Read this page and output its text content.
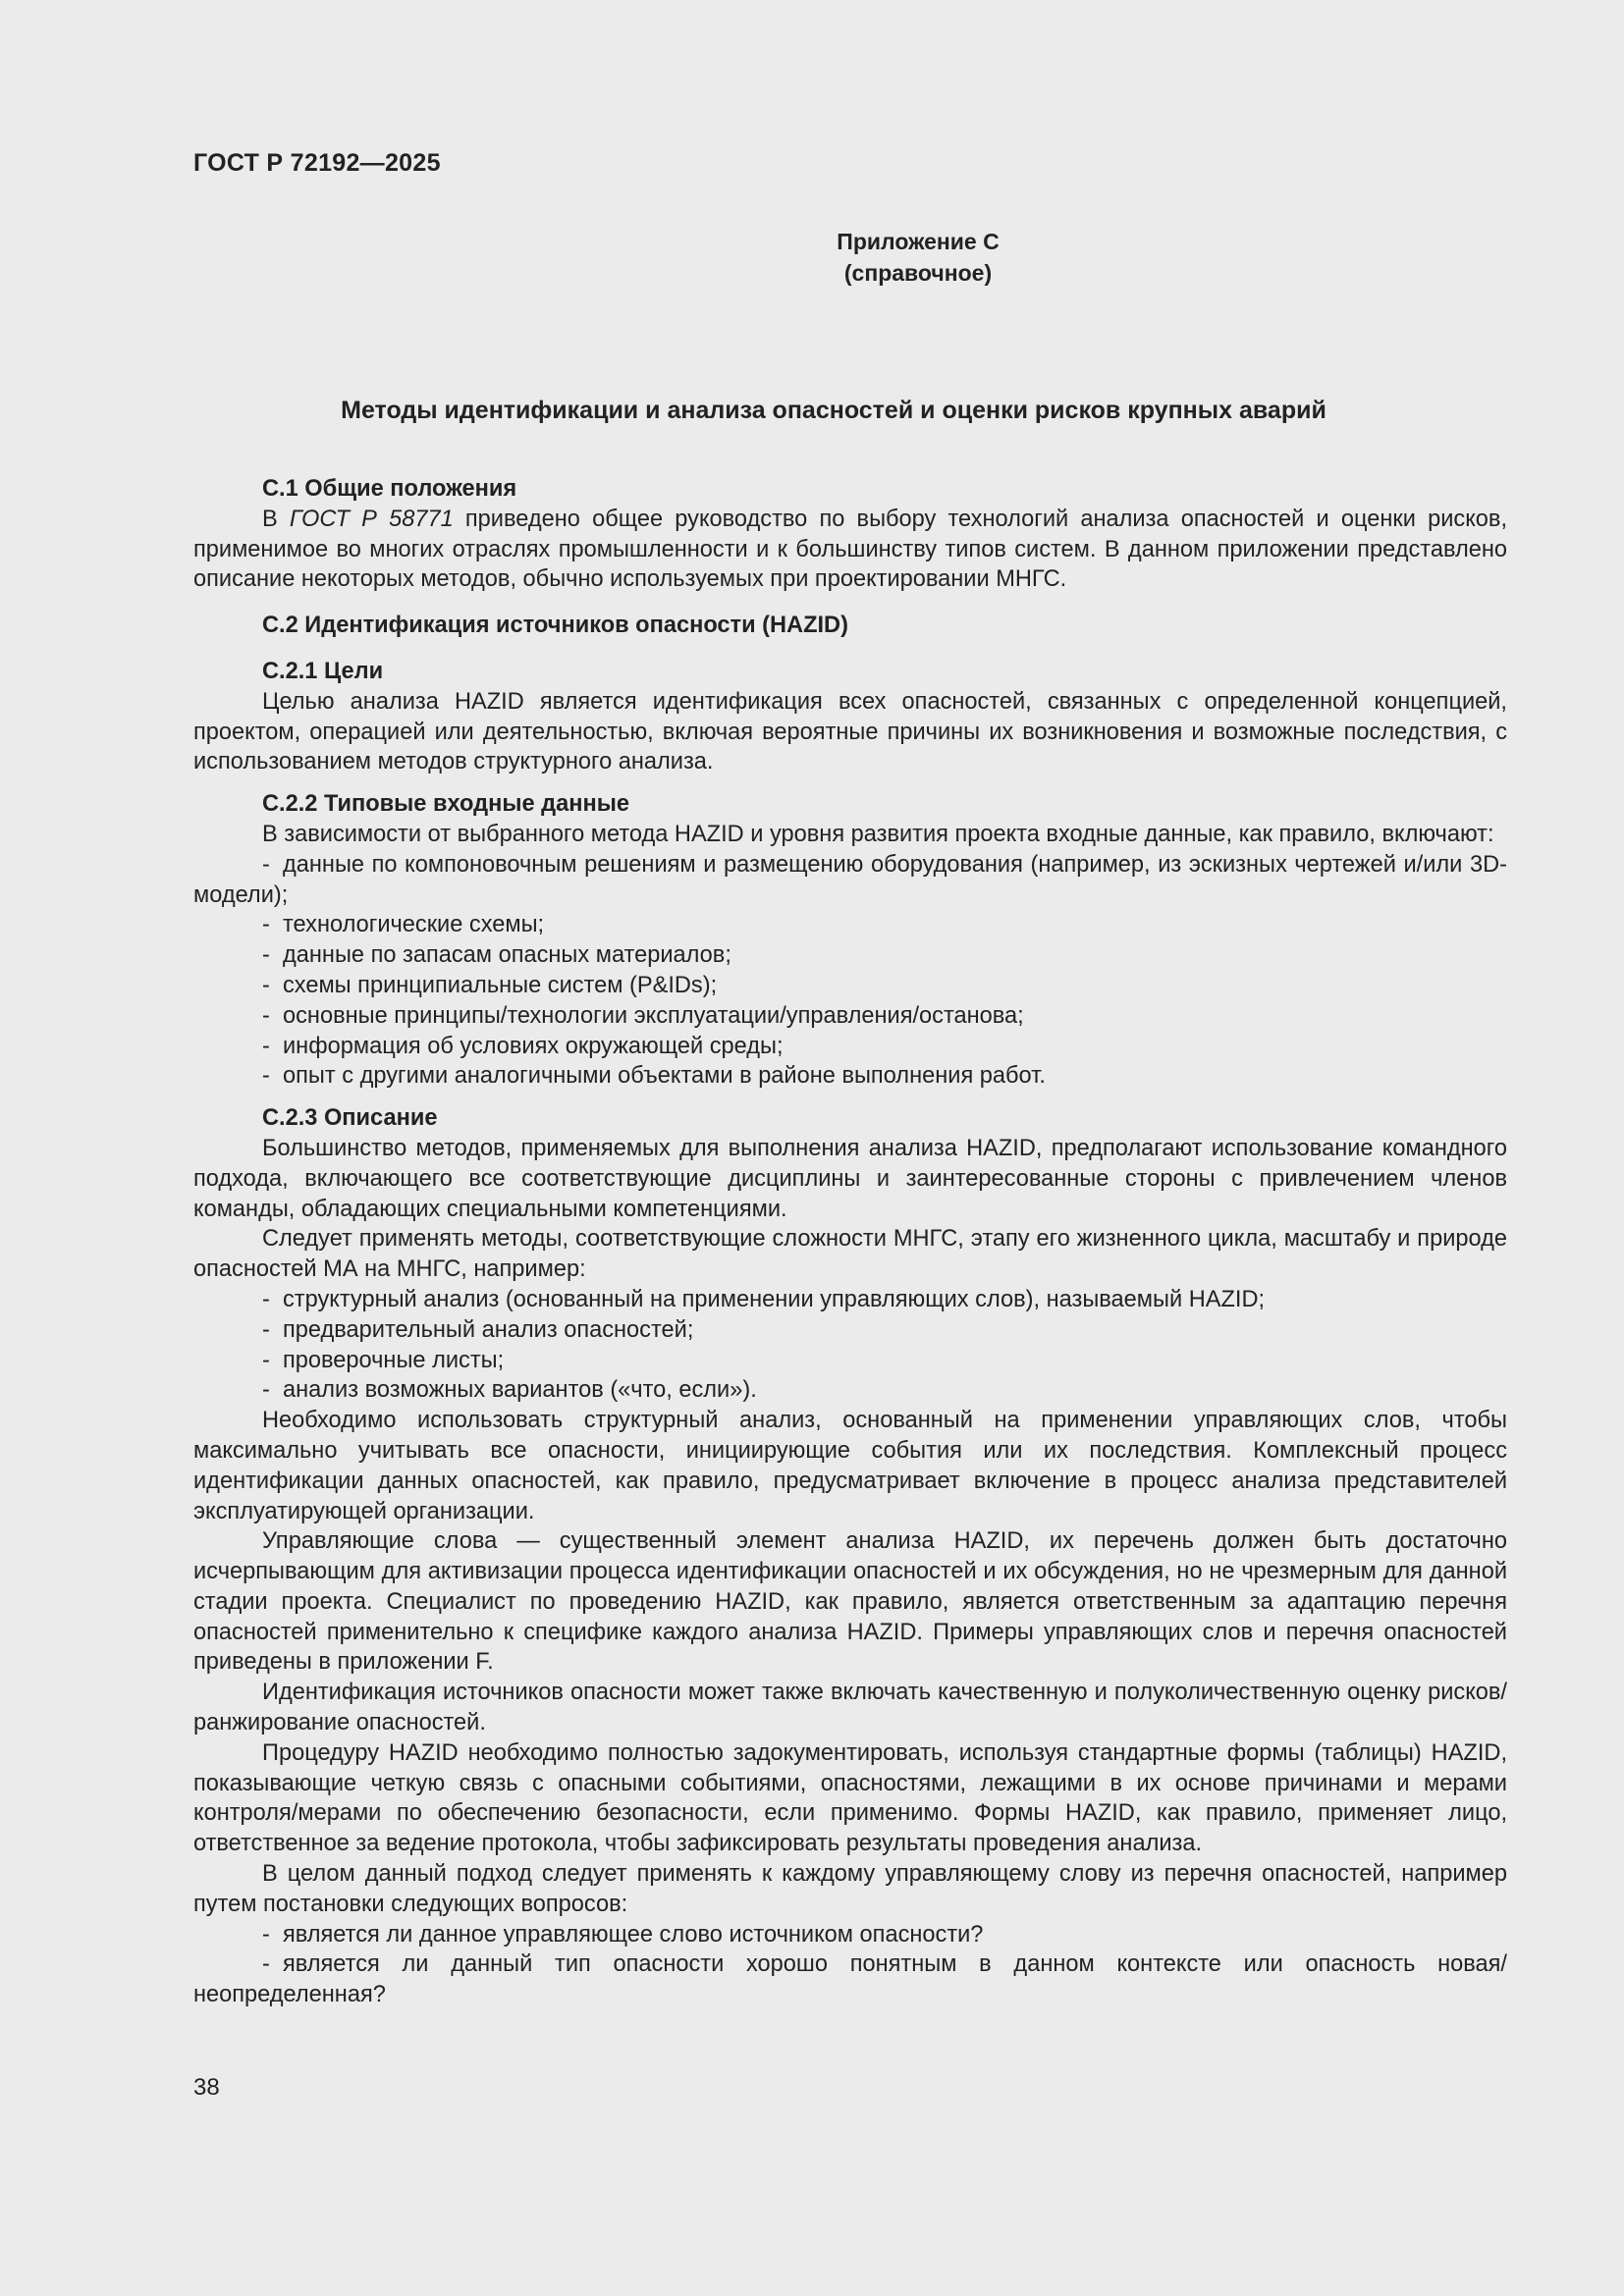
ГОСТ Р 72192—2025
Приложение С
(справочное)
Методы идентификации и анализа опасностей и оценки рисков крупных аварий

С.1 Общие положения

В ГОСТ Р 58771 приведено общее руководство по выбору технологий анализа опасностей и оценки рисков, применимое во многих отраслях промышленности и к большинству типов систем. В данном приложении представлено описание некоторых методов, обычно используемых при проектировании МНГС.

С.2 Идентификация источников опасности (HAZID)

С.2.1 Цели

Целью анализа HAZID является идентификация всех опасностей, связанных с определенной концепцией, проектом, операцией или деятельностью, включая вероятные причины их возникновения и возможные последствия, с использованием методов структурного анализа.

С.2.2 Типовые входные данные

В зависимости от выбранного метода HAZID и уровня развития проекта входные данные, как правило, включают:

- данные по компоновочным решениям и размещению оборудования (например, из эскизных чертежей и/или 3D-модели);

- технологические схемы;

- данные по запасам опасных материалов;

- схемы принципиальные систем (P&IDs);

- основные принципы/технологии эксплуатации/управления/останова;

- информация об условиях окружающей среды;

- опыт с другими аналогичными объектами в районе выполнения работ.

С.2.3 Описание

Большинство методов, применяемых для выполнения анализа HAZID, предполагают использование командного подхода, включающего все соответствующие дисциплины и заинтересованные стороны с привлечением членов команды, обладающих специальными компетенциями.

Следует применять методы, соответствующие сложности МНГС, этапу его жизненного цикла, масштабу и природе опасностей МА на МНГС, например:

- структурный анализ (основанный на применении управляющих слов), называемый HAZID;

- предварительный анализ опасностей;

- проверочные листы;

- анализ возможных вариантов («что, если»).

Необходимо использовать структурный анализ, основанный на применении управляющих слов, чтобы максимально учитывать все опасности, инициирующие события или их последствия. Комплексный процесс идентификации данных опасностей, как правило, предусматривает включение в процесс анализа представителей эксплуатирующей организации.

Управляющие слова — существенный элемент анализа HAZID, их перечень должен быть достаточно исчерпывающим для активизации процесса идентификации опасностей и их обсуждения, но не чрезмерным для данной стадии проекта. Специалист по проведению HAZID, как правило, является ответственным за адаптацию перечня опасностей применительно к специфике каждого анализа HAZID. Примеры управляющих слов и перечня опасностей приведены в приложении F.

Идентификация источников опасности может также включать качественную и полуколичественную оценку рисков/ранжирование опасностей.

Процедуру HAZID необходимо полностью задокументировать, используя стандартные формы (таблицы) HAZID, показывающие четкую связь с опасными событиями, опасностями, лежащими в их основе причинами и мерами контроля/мерами по обеспечению безопасности, если применимо. Формы HAZID, как правило, применяет лицо, ответственное за ведение протокола, чтобы зафиксировать результаты проведения анализа.

В целом данный подход следует применять к каждому управляющему слову из перечня опасностей, например путем постановки следующих вопросов:

- является ли данное управляющее слово источником опасности?

- является ли данный тип опасности хорошо понятным в данном контексте или опасность новая/неопределенная?

38
